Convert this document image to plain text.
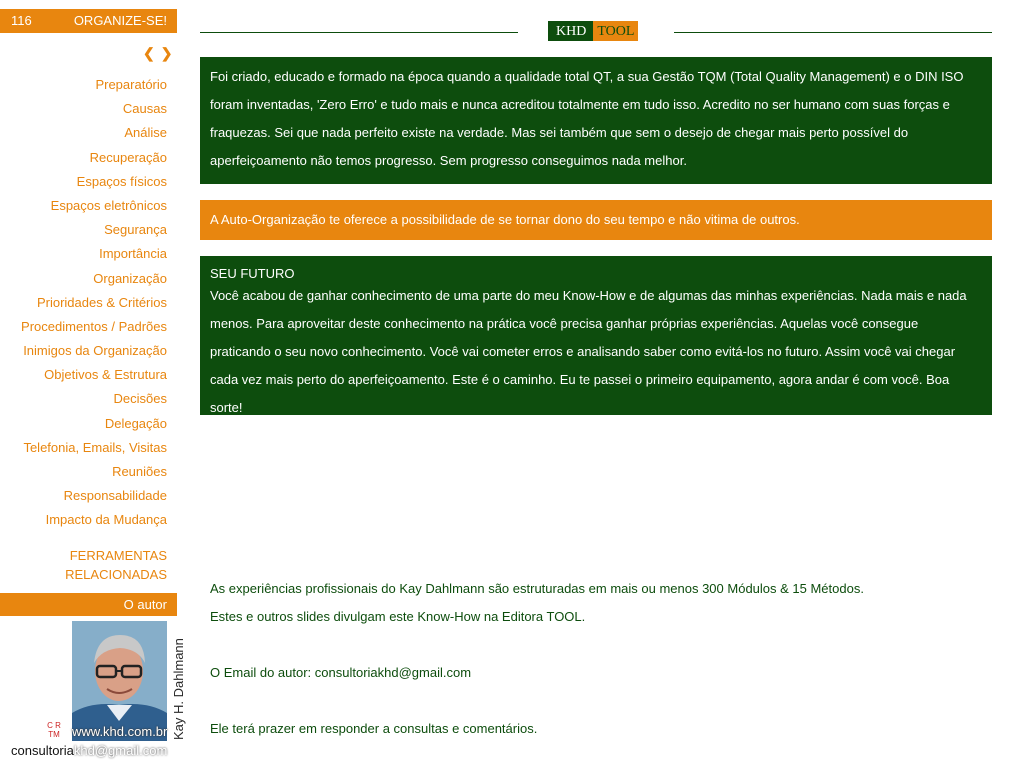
116	ORGANIZE-SE!
❮❯
Preparatório
Causas
Análise
Recuperação
Espaços físicos
Espaços eletrônicos
Segurança
Importância
Organização
Prioridades & Critérios
Procedimentos / Padrões
Inimigos da Organização
Objetivos & Estrutura
Decisões
Delegação
Telefonia, Emails, Visitas
Reuniões
Responsabilidade
Impacto da Mudança
FERRAMENTAS
RELACIONADAS
O autor
Kay H. Dahlmann
C R
TM www.khd.com.br
consultoriakhd@gmail.com
KHD TOOL
Foi criado, educado e formado na época quando a qualidade total QT, a sua Gestão TQM (Total Quality Management) e o DIN ISO foram inventadas, 'Zero Erro' e tudo mais e nunca acreditou totalmente em tudo isso. Acredito no ser humano com suas forças e fraquezas. Sei que nada perfeito existe na verdade. Mas sei também que sem o desejo de chegar mais perto possível do aperfeiçoamento não temos progresso. Sem progresso conseguimos nada melhor.
A Auto-Organização te oferece a possibilidade de se tornar dono do seu tempo e não vitima de outros.
SEU FUTURO
Você acabou de ganhar conhecimento de uma parte do meu Know-How e de algumas das minhas experiências. Nada mais e nada menos. Para aproveitar deste conhecimento na prática você precisa ganhar próprias experiências. Aquelas você consegue praticando o seu novo conhecimento. Você vai cometer erros e analisando saber como evitá-los no futuro. Assim você vai chegar cada vez mais perto do aperfeiçoamento. Este é o caminho. Eu te passei o primeiro equipamento, agora andar é com você. Boa sorte!
As experiências profissionais do Kay Dahlmann são estruturadas em mais ou menos 300 Módulos & 15 Métodos.
Estes e outros slides divulgam este Know-How na Editora TOOL.
O Email do autor: consultoriakhd@gmail.com
Ele terá prazer em responder a consultas e comentários.
